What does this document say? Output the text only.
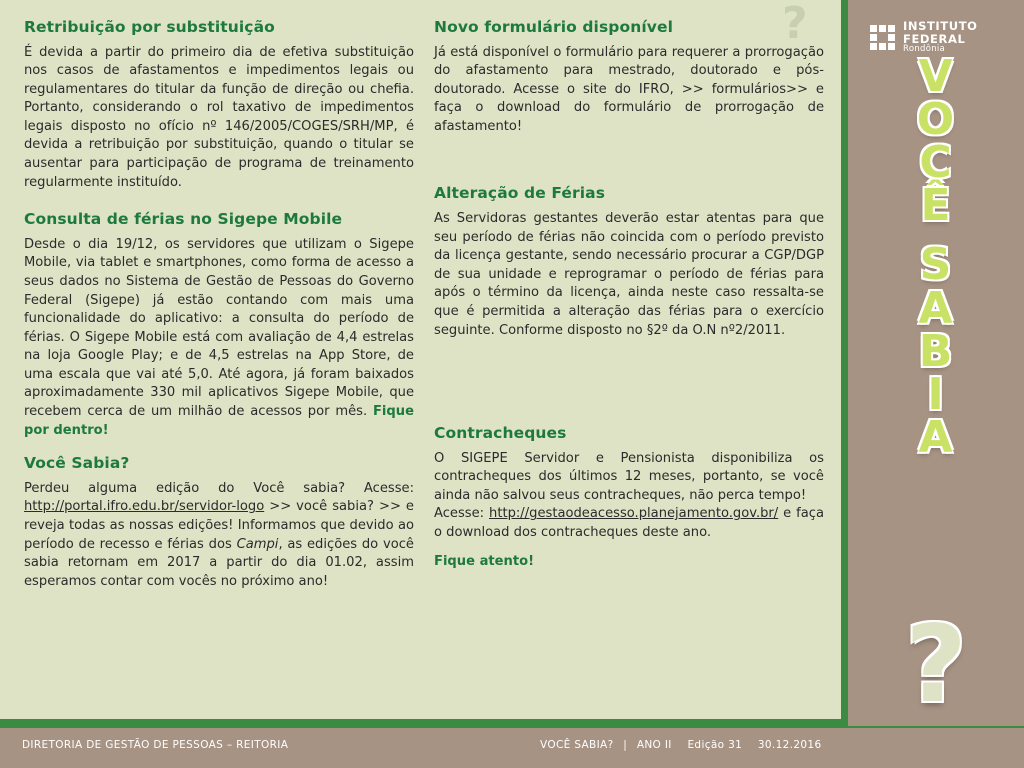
?
Retribuição por substituição

É devida a partir do primeiro dia de efetiva substituição nos casos de afastamentos e impedimentos legais ou regulamentares do titular da função de direção ou chefia. Portanto, considerando o rol taxativo de impedimentos legais disposto no ofício nº 146/2005/COGES/SRH/MP, é devida a retribuição por substituição, quando o titular se ausentar para participação de programa de treinamento regularmente instituído.

Consulta de férias no Sigepe Mobile

Desde o dia 19/12, os servidores que utilizam o Sigepe Mobile, via tablet e smartphones, como forma de acesso a seus dados no Sistema de Gestão de Pessoas do Governo Federal (Sigepe) já estão contando com mais uma funcionalidade do aplicativo: a consulta do período de férias. O Sigepe Mobile está com avaliação de 4,4 estrelas na loja Google Play; e de 4,5 estrelas na App Store, de uma escala que vai até 5,0. Até agora, já foram baixados aproximadamente 330 mil aplicativos Sigepe Mobile, que recebem cerca de um milhão de acessos por mês. Fique por dentro!

Você Sabia?

Perdeu alguma edição do Você sabia? Acesse: http://portal.ifro.edu.br/servidor-logo >> você sabia? >> e reveja todas as nossas edições! Informamos que devido ao período de recesso e férias dos Campi, as edições do você sabia retornam em 2017 a partir do dia 01.02, assim esperamos contar com vocês no próximo ano!

Novo formulário disponível

Já está disponível o formulário para requerer a prorrogação do afastamento para mestrado, doutorado e pós-doutorado. Acesse o site do IFRO, >> formulários>> e faça o download do formulário de prorrogação de afastamento!

Alteração de Férias

As Servidoras gestantes deverão estar atentas para que seu período de férias não coincida com o período previsto da licença gestante, sendo necessário procurar a CGP/DGP de sua unidade e reprogramar o período de férias para após o término da licença, ainda neste caso ressalta-se que é permitida a alteração das férias para o exercício seguinte. Conforme disposto no §2º da O.N nº2/2011.

Contracheques

O SIGEPE Servidor e Pensionista disponibiliza os contracheques dos últimos 12 meses, portanto, se você ainda não salvou seus contracheques, não perca tempo!
Acesse: http://gestaodeacesso.planejamento.gov.br/ e faça o download dos contracheques deste ano.

Fique atento!

INSTITUTO FEDERAL
Rondônia
V
O
C
Ê
S
A
B
I
A
?
DIRETORIA DE GESTÃO DE PESSOAS – REITORIA	VOCÊ SABIA? | ANO II Edição 31 30.12.2016
